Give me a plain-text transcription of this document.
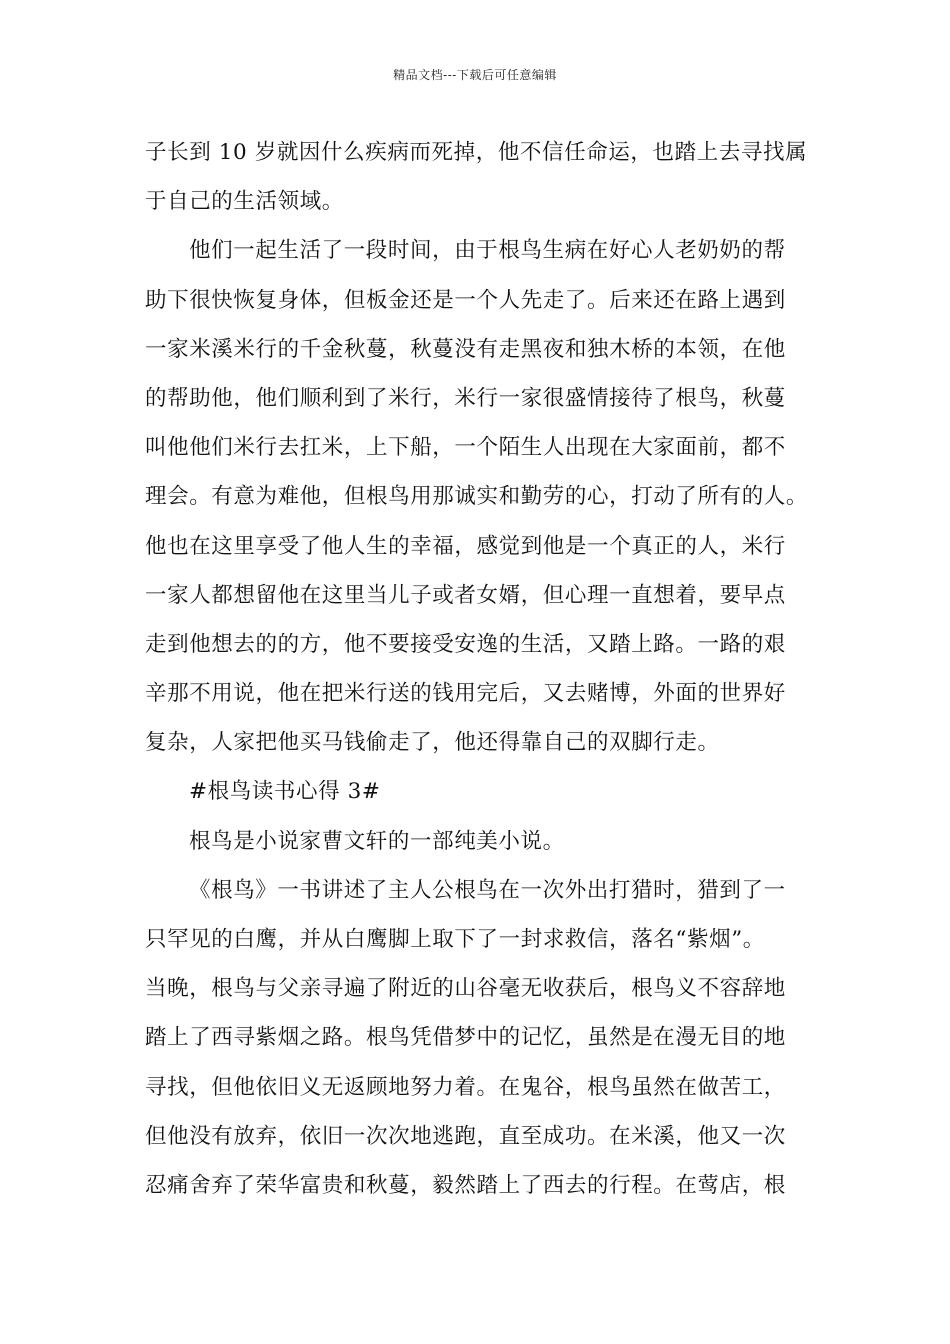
精品文档---下载后可任意编辑
子长到 10 岁就因什么疾病而死掉，他不信任命运，也踏上去寻找属
于自己的生活领域。
他们一起生活了一段时间，由于根鸟生病在好心人老奶奶的帮
助下很快恢复身体，但板金还是一个人先走了。后来还在路上遇到
一家米溪米行的千金秋蔓，秋蔓没有走黑夜和独木桥的本领，在他
的帮助他，他们顺利到了米行，米行一家很盛情接待了根鸟，秋蔓
叫他他们米行去扛米，上下船，一个陌生人出现在大家面前，都不
理会。有意为难他，但根鸟用那诚实和勤劳的心，打动了所有的人。
他也在这里享受了他人生的幸福，感觉到他是一个真正的人，米行
一家人都想留他在这里当儿子或者女婿，但心理一直想着，要早点
走到他想去的的方，他不要接受安逸的生活，又踏上路。一路的艰
辛那不用说，他在把米行送的钱用完后，又去赌博，外面的世界好
复杂，人家把他买马钱偷走了，他还得靠自己的双脚行走。
#根鸟读书心得 3#
根鸟是小说家曹文轩的一部纯美小说。
《根鸟》一书讲述了主人公根鸟在一次外出打猎时，猎到了一
只罕见的白鹰，并从白鹰脚上取下了一封求救信，落名“紫烟”。
当晚，根鸟与父亲寻遍了附近的山谷毫无收获后，根鸟义不容辞地
踏上了西寻紫烟之路。根鸟凭借梦中的记忆，虽然是在漫无目的地
寻找，但他依旧义无返顾地努力着。在鬼谷，根鸟虽然在做苦工，
但他没有放弃，依旧一次次地逃跑，直至成功。在米溪，他又一次
忍痛舍弃了荣华富贵和秋蔓，毅然踏上了西去的行程。在莺店，根
